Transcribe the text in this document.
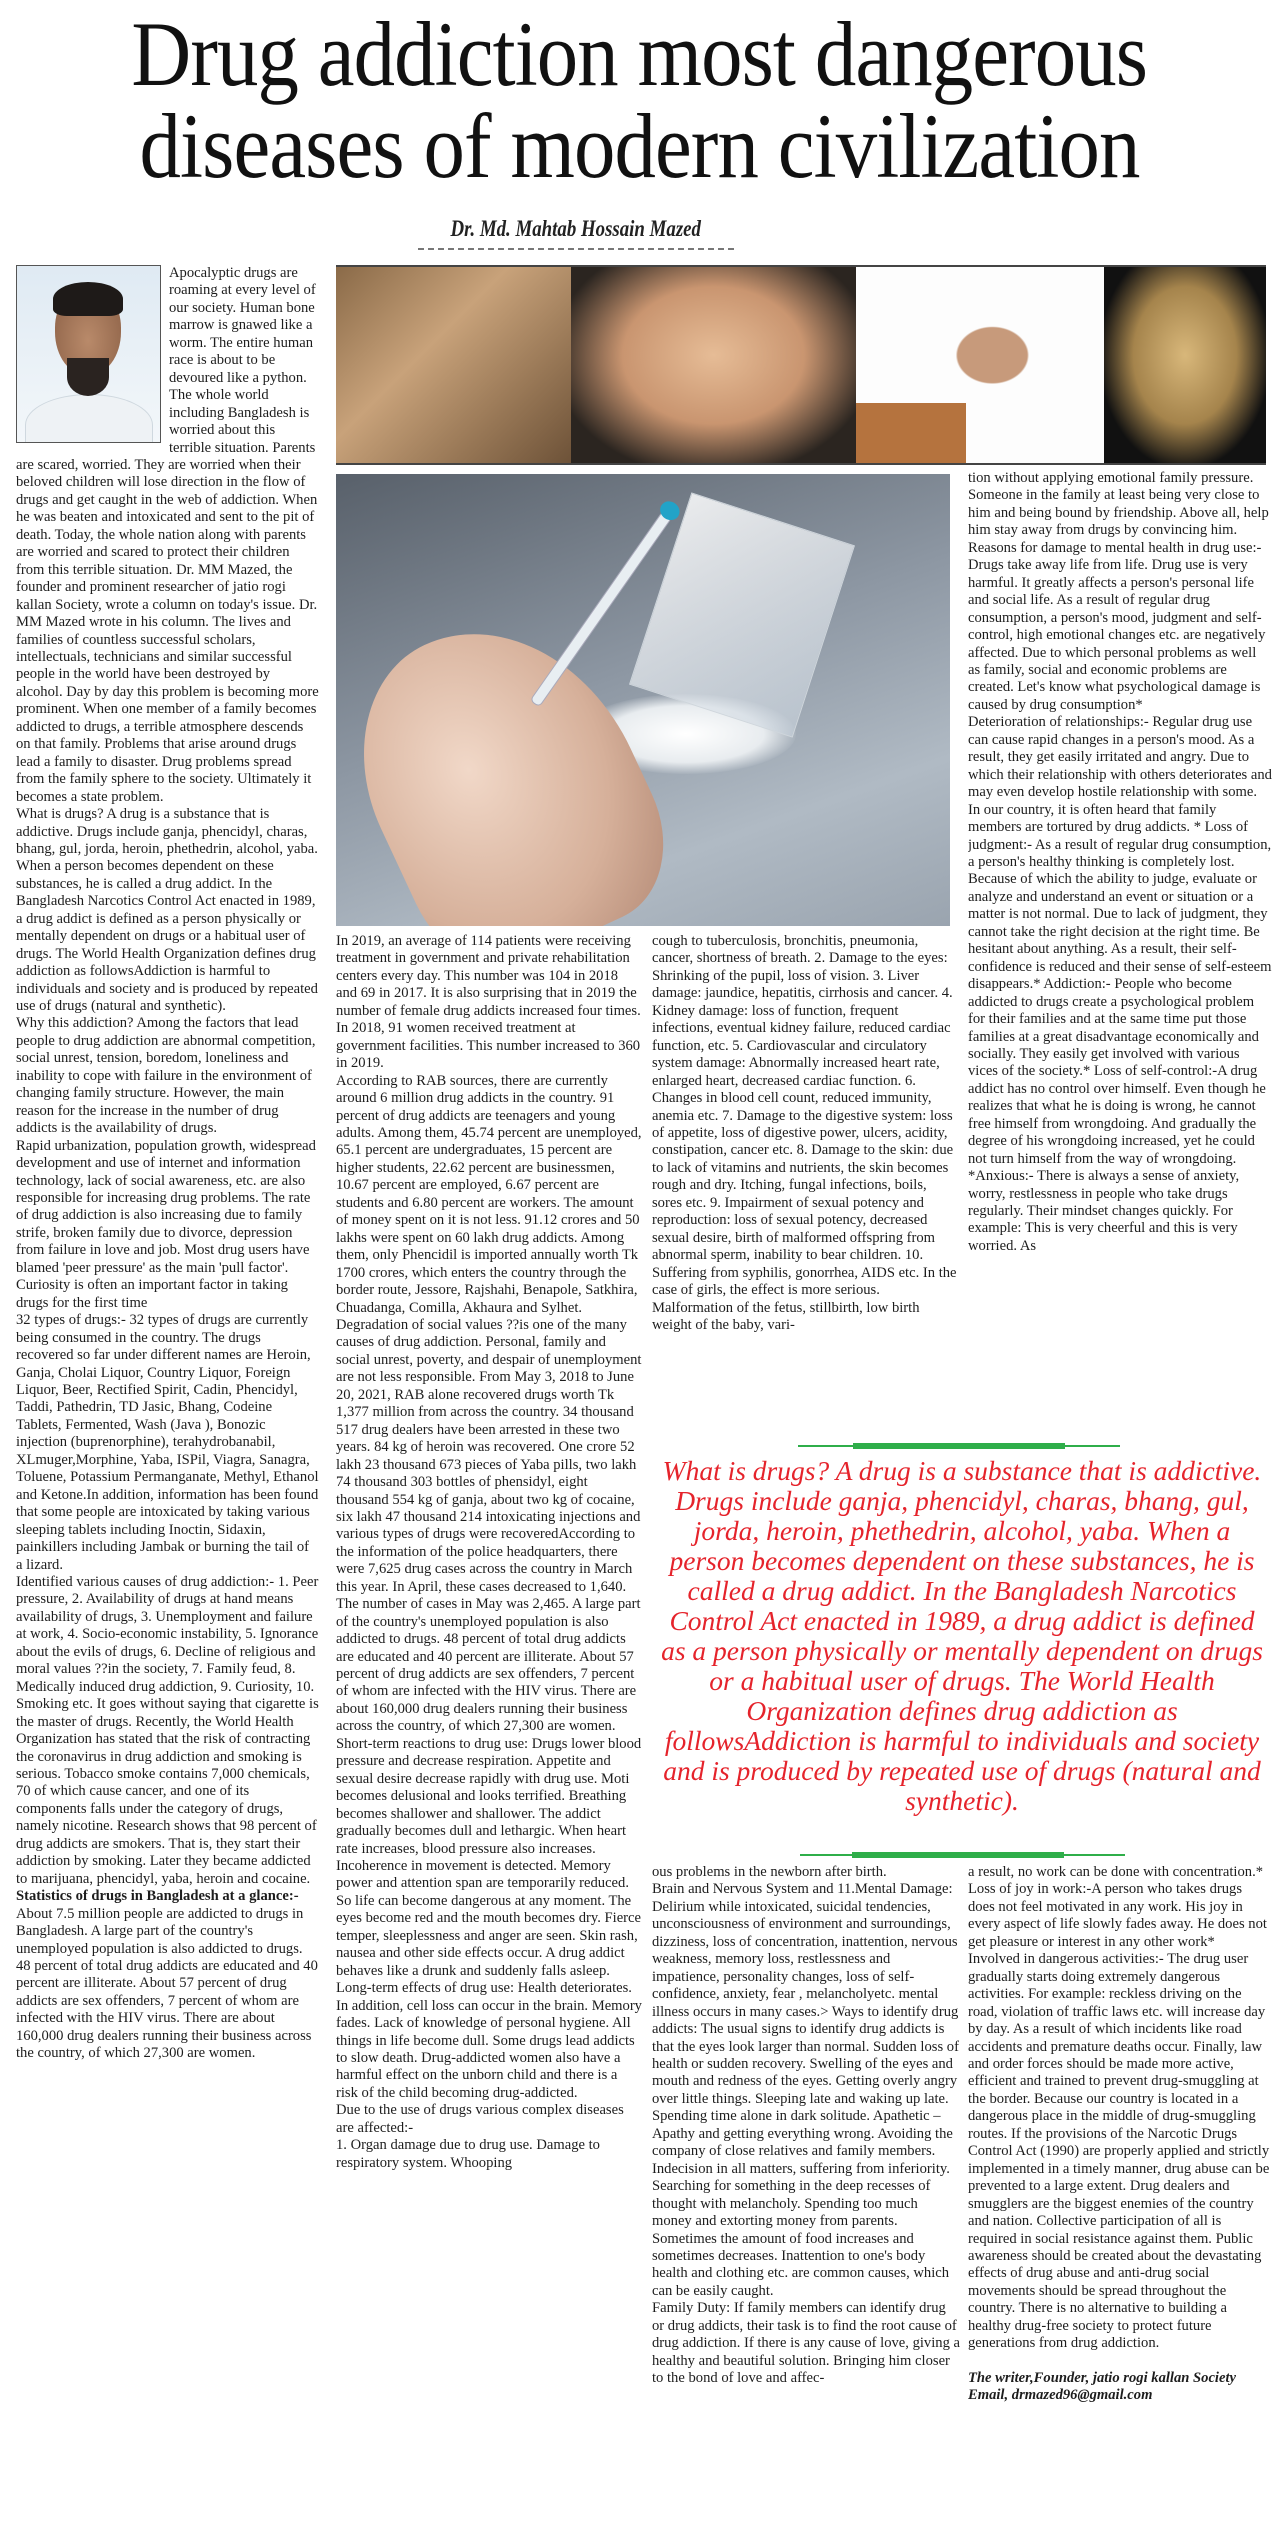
Drug addiction most dangerous
diseases of modern civilization
Dr. Md. Mahtab Hossain Mazed

Apocalyptic drugs are roaming at every level of our society. Human bone marrow is gnawed like a worm. The entire human race is about to be devoured like a python. The whole world including Bangladesh is worried about this terrible situation. Parents are scared, worried. They are worried when their beloved children will lose direction in the flow of drugs and get caught in the web of addiction. When he was beaten and intoxicated and sent to the pit of death. Today, the whole nation along with parents are worried and scared to protect their children from this terrible situation. Dr. MM Mazed, the founder and prominent researcher of jatio rogi kallan Society, wrote a column on today's issue. Dr. MM Mazed wrote in his column. The lives and families of countless successful scholars, intellectuals, technicians and similar successful people in the world have been destroyed by alcohol. Day by day this problem is becoming more prominent. When one member of a family becomes addicted to drugs, a terrible atmosphere descends on that family. Problems that arise around drugs lead a family to disaster. Drug problems spread from the family sphere to the society. Ultimately it becomes a state problem.

What is drugs? A drug is a substance that is addictive. Drugs include ganja, phencidyl, charas, bhang, gul, jorda, heroin, phethedrin, alcohol, yaba. When a person becomes dependent on these substances, he is called a drug addict. In the Bangladesh Narcotics Control Act enacted in 1989, a drug addict is defined as a person physically or mentally dependent on drugs or a habitual user of drugs. The World Health Organization defines drug addiction as followsAddiction is harmful to individuals and society and is produced by repeated use of drugs (natural and synthetic).

Why this addiction? Among the factors that lead people to drug addiction are abnormal competition, social unrest, tension, boredom, loneliness and inability to cope with failure in the environment of changing family structure. However, the main reason for the increase in the number of drug addicts is the availability of drugs.

Rapid urbanization, population growth, widespread development and use of internet and information technology, lack of social awareness, etc. are also responsible for increasing drug problems. The rate of drug addiction is also increasing due to family strife, broken family due to divorce, depression from failure in love and job. Most drug users have blamed 'peer pressure' as the main 'pull factor'. Curiosity is often an important factor in taking drugs for the first time

32 types of drugs:- 32 types of drugs are currently being consumed in the country. The drugs recovered so far under different names are Heroin, Ganja, Cholai Liquor, Country Liquor, Foreign Liquor, Beer, Rectified Spirit, Cadin, Phencidyl, Taddi, Pathedrin, TD Jasic, Bhang, Codeine Tablets, Fermented, Wash (Java ), Bonozic injection (buprenorphine), terahydrobanabil, XLmuger,Morphine, Yaba, ISPil, Viagra, Sanagra, Toluene, Potassium Permanganate, Methyl, Ethanol and Ketone.In addition, information has been found that some people are intoxicated by taking various sleeping tablets including Inoctin, Sidaxin, painkillers including Jambak or burning the tail of a lizard.

Identified various causes of drug addiction:- 1. Peer pressure, 2. Availability of drugs at hand means availability of drugs, 3. Unemployment and failure at work, 4. Socio-economic instability, 5. Ignorance about the evils of drugs, 6. Decline of religious and moral values ??in the society, 7. Family feud, 8. Medically induced drug addiction, 9. Curiosity, 10. Smoking etc. It goes without saying that cigarette is the master of drugs. Recently, the World Health Organization has stated that the risk of contracting the coronavirus in drug addiction and smoking is serious. Tobacco smoke contains 7,000 chemicals, 70 of which cause cancer, and one of its components falls under the category of drugs, namely nicotine. Research shows that 98 percent of drug addicts are smokers. That is, they start their addiction by smoking. Later they became addicted to marijuana, phencidyl, yaba, heroin and cocaine.

Statistics of drugs in Bangladesh at a glance:-

About 7.5 million people are addicted to drugs in Bangladesh. A large part of the country's unemployed population is also addicted to drugs. 48 percent of total drug addicts are educated and 40 percent are illiterate. About 57 percent of drug addicts are sex offenders, 7 percent of whom are infected with the HIV virus. There are about 160,000 drug dealers running their business across the country, of which 27,300 are women.

In 2019, an average of 114 patients were receiving treatment in government and private rehabilitation centers every day. This number was 104 in 2018 and 69 in 2017. It is also surprising that in 2019 the number of female drug addicts increased four times. In 2018, 91 women received treatment at government facilities. This number increased to 360 in 2019.

According to RAB sources, there are currently around 6 million drug addicts in the country. 91 percent of drug addicts are teenagers and young adults. Among them, 45.74 percent are unemployed, 65.1 percent are undergraduates, 15 percent are higher students, 22.62 percent are businessmen, 10.67 percent are employed, 6.67 percent are students and 6.80 percent are workers. The amount of money spent on it is not less. 91.12 crores and 50 lakhs were spent on 60 lakh drug addicts. Among them, only Phencidil is imported annually worth Tk 1700 crores, which enters the country through the border route, Jessore, Rajshahi, Benapole, Satkhira, Chuadanga, Comilla, Akhaura and Sylhet. Degradation of social values ??is one of the many causes of drug addiction. Personal, family and social unrest, poverty, and despair of unemployment are not less responsible. From May 3, 2018 to June 20, 2021, RAB alone recovered drugs worth Tk 1,377 million from across the country. 34 thousand 517 drug dealers have been arrested in these two years. 84 kg of heroin was recovered. One crore 52 lakh 23 thousand 673 pieces of Yaba pills, two lakh 74 thousand 303 bottles of phensidyl, eight thousand 554 kg of ganja, about two kg of cocaine, six lakh 47 thousand 214 intoxicating injections and various types of drugs were recoveredAccording to the information of the police headquarters, there were 7,625 drug cases across the country in March this year. In April, these cases decreased to 1,640. The number of cases in May was 2,465. A large part of the country's unemployed population is also addicted to drugs. 48 percent of total drug addicts are educated and 40 percent are illiterate. About 57 percent of drug addicts are sex offenders, 7 percent of whom are infected with the HIV virus. There are about 160,000 drug dealers running their business across the country, of which 27,300 are women.

Short-term reactions to drug use: Drugs lower blood pressure and decrease respiration. Appetite and sexual desire decrease rapidly with drug use. Moti becomes delusional and looks terrified. Breathing becomes shallower and shallower. The addict gradually becomes dull and lethargic. When heart rate increases, blood pressure also increases. Incoherence in movement is detected. Memory power and attention span are temporarily reduced. So life can become dangerous at any moment. The eyes become red and the mouth becomes dry. Fierce temper, sleeplessness and anger are seen. Skin rash, nausea and other side effects occur. A drug addict behaves like a drunk and suddenly falls asleep. Long-term effects of drug use: Health deteriorates. In addition, cell loss can occur in the brain. Memory fades. Lack of knowledge of personal hygiene. All things in life become dull. Some drugs lead addicts to slow death. Drug-addicted women also have a harmful effect on the unborn child and there is a risk of the child becoming drug-addicted.

Due to the use of drugs various complex diseases are affected:-

1. Organ damage due to drug use. Damage to respiratory system. Whooping

cough to tuberculosis, bronchitis, pneumonia, cancer, shortness of breath. 2. Damage to the eyes: Shrinking of the pupil, loss of vision. 3. Liver damage: jaundice, hepatitis, cirrhosis and cancer. 4. Kidney damage: loss of function, frequent infections, eventual kidney failure, reduced cardiac function, etc. 5. Cardiovascular and circulatory system damage: Abnormally increased heart rate, enlarged heart, decreased cardiac function. 6. Changes in blood cell count, reduced immunity, anemia etc. 7. Damage to the digestive system: loss of appetite, loss of digestive power, ulcers, acidity, constipation, cancer etc. 8. Damage to the skin: due to lack of vitamins and nutrients, the skin becomes rough and dry. Itching, fungal infections, boils, sores etc. 9. Impairment of sexual potency and reproduction: loss of sexual potency, decreased sexual desire, birth of malformed offspring from abnormal sperm, inability to bear children. 10. Suffering from syphilis, gonorrhea, AIDS etc. In the case of girls, the effect is more serious. Malformation of the fetus, stillbirth, low birth weight of the baby, vari-

tion without applying emotional family pressure. Someone in the family at least being very close to him and being bound by friendship. Above all, help him stay away from drugs by convincing him.

Reasons for damage to mental health in drug use:-Drugs take away life from life. Drug use is very harmful. It greatly affects a person's personal life and social life. As a result of regular drug consumption, a person's mood, judgment and self-control, high emotional changes etc. are negatively affected. Due to which personal problems as well as family, social and economic problems are created. Let's know what psychological damage is caused by drug consumption*

Deterioration of relationships:- Regular drug use can cause rapid changes in a person's mood. As a result, they get easily irritated and angry. Due to which their relationship with others deteriorates and may even develop hostile relationship with some. In our country, it is often heard that family members are tortured by drug addicts. * Loss of judgment:- As a result of regular drug consumption, a person's healthy thinking is completely lost. Because of which the ability to judge, evaluate or analyze and understand an event or situation or a matter is not normal. Due to lack of judgment, they cannot take the right decision at the right time. Be hesitant about anything. As a result, their self-confidence is reduced and their sense of self-esteem disappears.* Addiction:- People who become addicted to drugs create a psychological problem for their families and at the same time put those families at a great disadvantage economically and socially. They easily get involved with various vices of the society.* Loss of self-control:-A drug addict has no control over himself. Even though he realizes that what he is doing is wrong, he cannot free himself from wrongdoing. And gradually the degree of his wrongdoing increased, yet he could not turn himself from the way of wrongdoing.

*Anxious:- There is always a sense of anxiety, worry, restlessness in people who take drugs regularly. Their mindset changes quickly. For example: This is very cheerful and this is very worried. As

What is drugs? A drug is a substance that is addictive. Drugs include ganja, phencidyl, charas, bhang, gul, jorda, heroin, phethedrin, alcohol, yaba. When a person becomes dependent on these substances, he is called a drug addict. In the Bangladesh Narcotics Control Act enacted in 1989, a drug addict is defined as a person physically or mentally dependent on drugs or a habitual user of drugs. The World Health Organization defines drug addiction as followsAddiction is harmful to individuals and society and is produced by repeated use of drugs (natural and synthetic).

ous problems in the newborn after birth.

Brain and Nervous System and 11.Mental Damage: Delirium while intoxicated, suicidal tendencies, unconsciousness of environment and surroundings, dizziness, loss of concentration, inattention, nervous weakness, memory loss, restlessness and impatience, personality changes, loss of self-confidence, anxiety, fear , melancholyetc. mental illness occurs in many cases.> Ways to identify drug addicts: The usual signs to identify drug addicts is that the eyes look larger than normal. Sudden loss of health or sudden recovery. Swelling of the eyes and mouth and redness of the eyes. Getting overly angry over little things. Sleeping late and waking up late. Spending time alone in dark solitude. Apathetic – Apathy and getting everything wrong. Avoiding the company of close relatives and family members. Indecision in all matters, suffering from inferiority. Searching for something in the deep recesses of thought with melancholy. Spending too much money and extorting money from parents. Sometimes the amount of food increases and sometimes decreases. Inattention to one's body health and clothing etc. are common causes, which can be easily caught.

Family Duty: If family members can identify drug or drug addicts, their task is to find the root cause of drug addiction. If there is any cause of love, giving a healthy and beautiful solution. Bringing him closer to the bond of love and affec-

a result, no work can be done with concentration.* Loss of joy in work:-A person who takes drugs does not feel motivated in any work. His joy in every aspect of life slowly fades away. He does not get pleasure or interest in any other work*

Involved in dangerous activities:- The drug user gradually starts doing extremely dangerous activities. For example: reckless driving on the road, violation of traffic laws etc. will increase day by day. As a result of which incidents like road accidents and premature deaths occur. Finally, law and order forces should be made more active, efficient and trained to prevent drug-smuggling at the border. Because our country is located in a dangerous place in the middle of drug-smuggling routes. If the provisions of the Narcotic Drugs Control Act (1990) are properly applied and strictly implemented in a timely manner, drug abuse can be prevented to a large extent. Drug dealers and smugglers are the biggest enemies of the country and nation. Collective participation of all is required in social resistance against them. Public awareness should be created about the devastating effects of drug abuse and anti-drug social movements should be spread throughout the country. There is no alternative to building a healthy drug-free society to protect future generations from drug addiction.

The writer,Founder, jatio rogi kallan Society
Email, drmazed96@gmail.com
